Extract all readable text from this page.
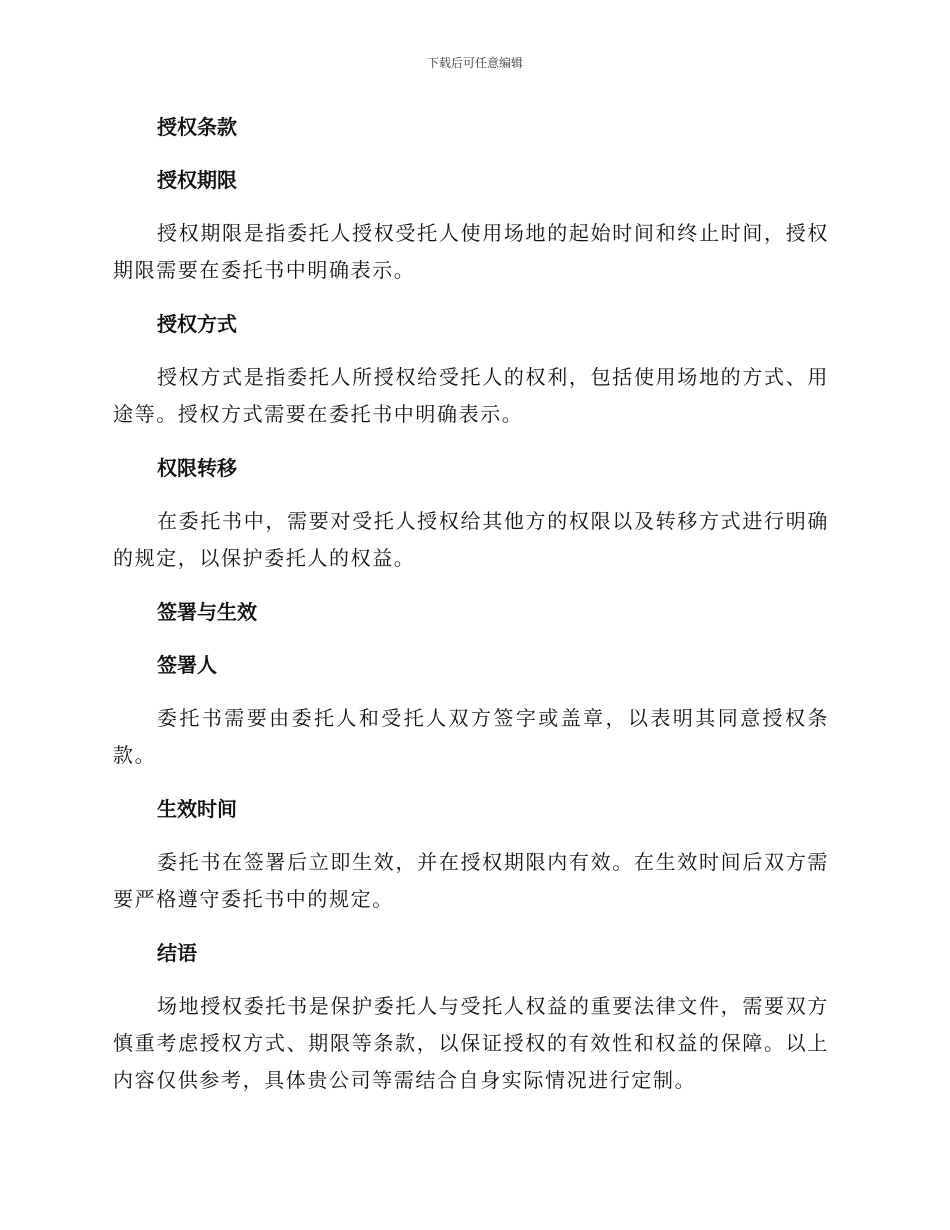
下载后可任意编辑
授权条款
授权期限

授权期限是指委托人授权受托人使用场地的起始时间和终止时间，授权期限需要在委托书中明确表示。

授权方式

授权方式是指委托人所授权给受托人的权利，包括使用场地的方式、用途等。授权方式需要在委托书中明确表示。

权限转移

在委托书中，需要对受托人授权给其他方的权限以及转移方式进行明确的规定，以保护委托人的权益。

签署与生效
签署人

委托书需要由委托人和受托人双方签字或盖章，以表明其同意授权条款。

生效时间

委托书在签署后立即生效，并在授权期限内有效。在生效时间后双方需要严格遵守委托书中的规定。

结语

场地授权委托书是保护委托人与受托人权益的重要法律文件，需要双方慎重考虑授权方式、期限等条款，以保证授权的有效性和权益的保障。以上内容仅供参考，具体贵公司等需结合自身实际情况进行定制。
